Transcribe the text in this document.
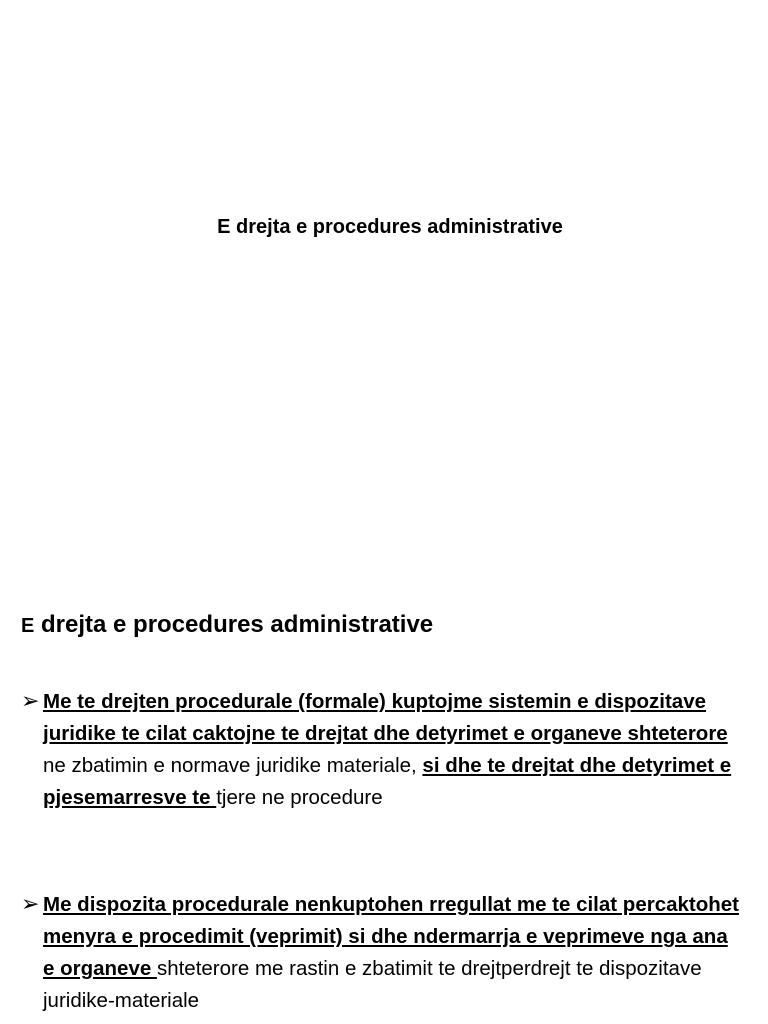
E drejta e procedures administrative
E drejta e procedures administrative
➢ Me te drejten procedurale (formale) kuptojme sistemin e dispozitave juridike te cilat caktojne te drejtat dhe detyrimet e organeve shteterore ne zbatimin e normave juridike materiale, si dhe te drejtat dhe detyrimet e pjesemarresve te tjere ne procedure
➢ Me dispozita procedurale nenkuptohen rregullat me te cilat percaktohet menyra e procedimit (veprimit) si dhe ndermarrja e veprimeve nga ana e organeve shteterore me rastin e zbatimit te drejtperdrejt te dispozitave juridike-materiale
